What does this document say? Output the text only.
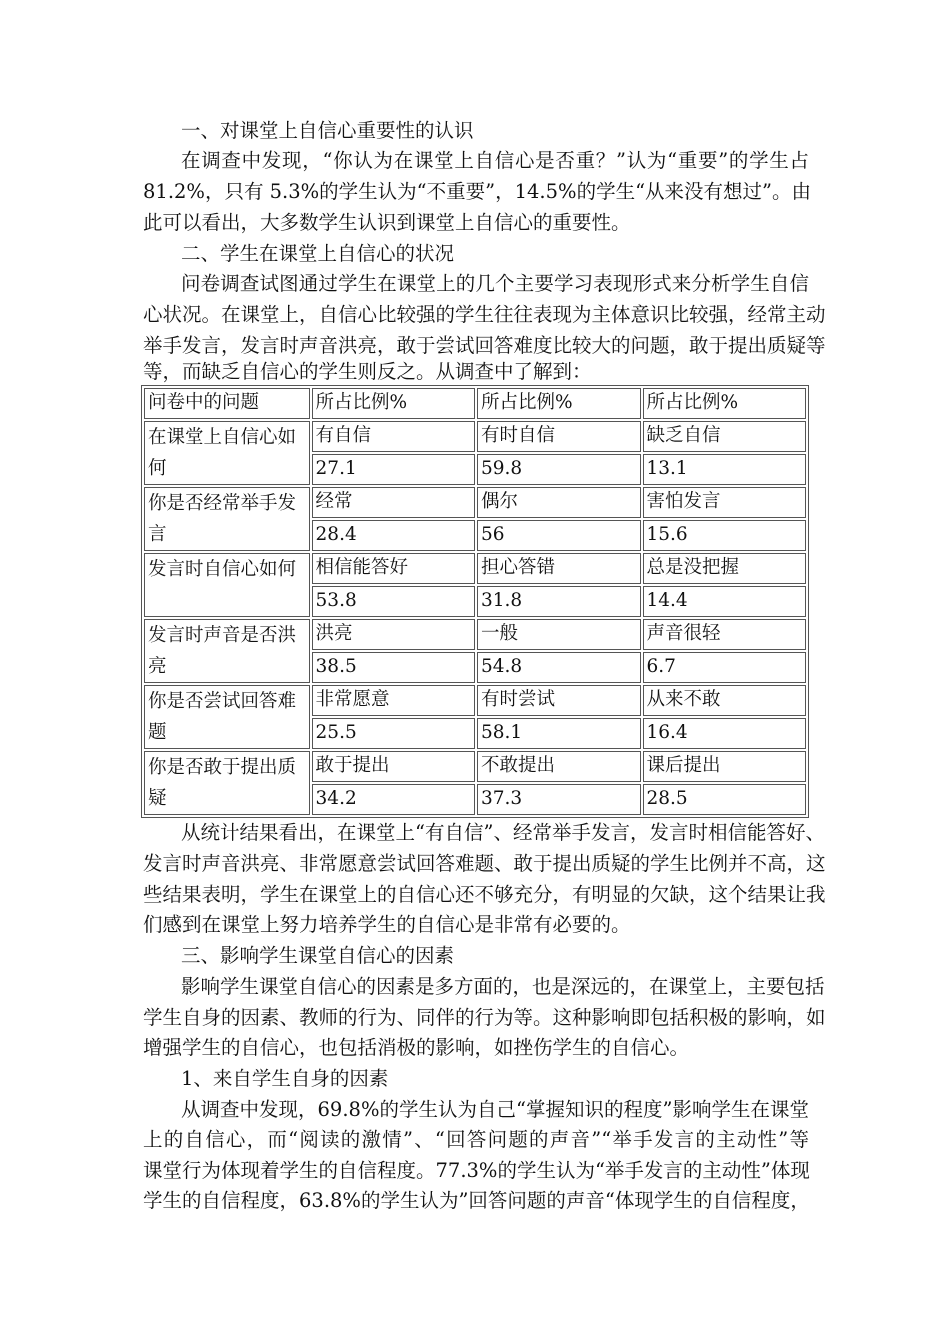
一、对课堂上自信心重要性的认识
在调查中发现，“你认为在课堂上自信心是否重？”认为“重要”的学生占
81.2%，只有 5.3%的学生认为“不重要”，14.5%的学生“从来没有想过”。由
此可以看出，大多数学生认识到课堂上自信心的重要性。
二、学生在课堂上自信心的状况
问卷调查试图通过学生在课堂上的几个主要学习表现形式来分析学生自信
心状况。在课堂上，自信心比较强的学生往往表现为主体意识比较强，经常主动
举手发言，发言时声音洪亮，敢于尝试回答难度比较大的问题，敢于提出质疑等
等，而缺乏自信心的学生则反之。从调查中了解到：
问卷中的问题	所占比例%	所占比例%	所占比例%
在课堂上自信心如何	有自信	有时自信	缺乏自信
	27.1	59.8	13.1
你是否经常举手发言	经常	偶尔	害怕发言
	28.4	56	15.6
发言时自信心如何	相信能答好	担心答错	总是没把握
	53.8	31.8	14.4
发言时声音是否洪亮	洪亮	一般	声音很轻
	38.5	54.8	6.7
你是否尝试回答难题	非常愿意	有时尝试	从来不敢
	25.5	58.1	16.4
你是否敢于提出质疑	敢于提出	不敢提出	课后提出
	34.2	37.3	28.5
从统计结果看出，在课堂上“有自信”、经常举手发言，发言时相信能答好、
发言时声音洪亮、非常愿意尝试回答难题、敢于提出质疑的学生比例并不高，这
些结果表明，学生在课堂上的自信心还不够充分，有明显的欠缺，这个结果让我
们感到在课堂上努力培养学生的自信心是非常有必要的。
三、影响学生课堂自信心的因素
影响学生课堂自信心的因素是多方面的，也是深远的，在课堂上，主要包括
学生自身的因素、教师的行为、同伴的行为等。这种影响即包括积极的影响，如
增强学生的自信心，也包括消极的影响，如挫伤学生的自信心。
1、来自学生自身的因素
从调查中发现，69.8%的学生认为自己“掌握知识的程度”影响学生在课堂
上的自信心，而“阅读的激情”、“回答问题的声音”“举手发言的主动性”等
课堂行为体现着学生的自信程度。77.3%的学生认为“举手发言的主动性”体现
学生的自信程度，63.8%的学生认为”回答问题的声音“体现学生的自信程度，
